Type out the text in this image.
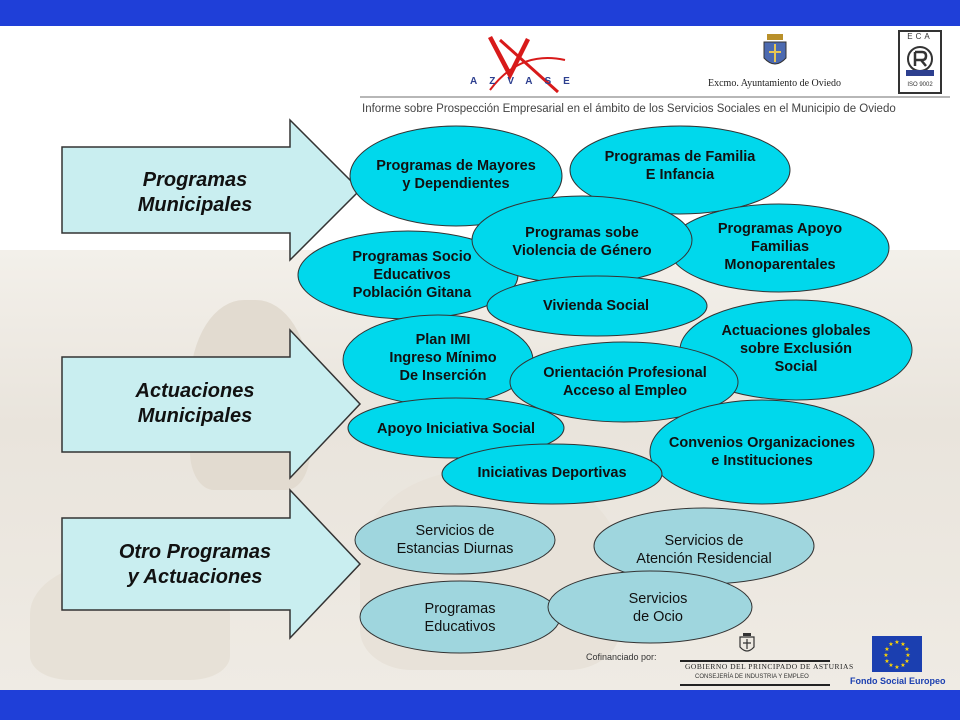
AZVASE	Excmo. Ayuntamiento de Oviedo
ECA
ISO 9002
Informe sobre Prospección Empresarial en el ámbito de los Servicios Sociales en el Municipio de Oviedo
Programas
Municipales
Actuaciones
Municipales
Otro Programas
y Actuaciones
Programas Socio
Educativos
Población Gitana
Programas de Mayores
y Dependientes
Programas de Familia
E Infancia
Programas Apoyo
Familias
Monoparentales
Programas sobe
Violencia de Género
Vivienda Social
Actuaciones globales
sobre Exclusión
Social
Plan IMI
Ingreso Mínimo
De Inserción	Orientación Profesional
Acceso al Empleo
Convenios Organizaciones
e Instituciones
Apoyo Iniciativa Social
Iniciativas Deportivas
Servicios de
Estancias Diurnas	Servicios de
Atención Residencial
Programas
Educativos
Servicios
de Ocio
Cofinanciado por:
GOBIERNO DEL PRINCIPADO DE ASTURIAS
CONSEJERÍA DE INDUSTRIA Y EMPLEO
★ ★
★
★
★
★
★
★
★
★
★
★
Fondo Social Europeo
